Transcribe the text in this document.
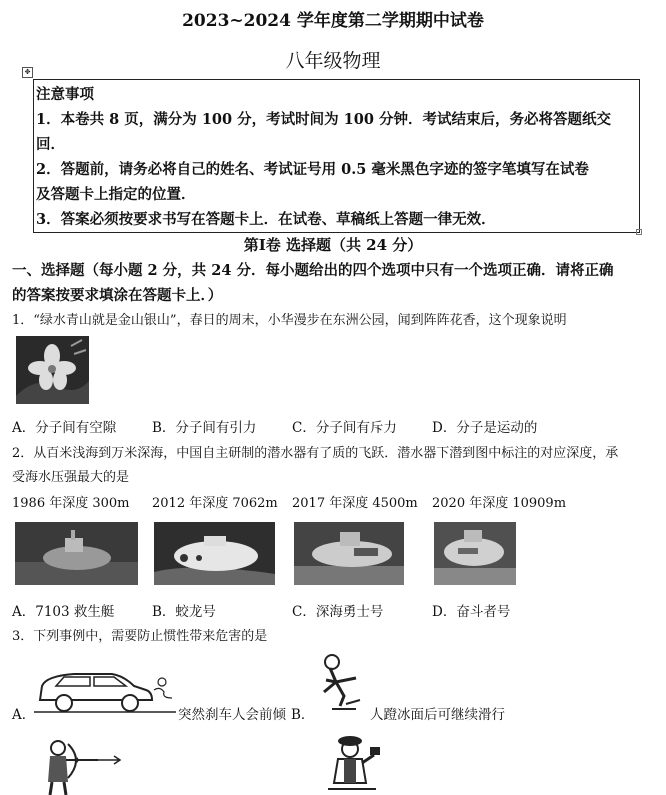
2023~2024 学年度第二学期期中试卷
八年级物理
✥
注意事项
1．本卷共 8 页，满分为 100 分，考试时间为 100 分钟．考试结束后，务必将答题纸交
回．
2．答题前，请务必将自己的姓名、考试证号用 0.5 毫米黑色字迹的签字笔填写在试卷
及答题卡上指定的位置．
3．答案必须按要求书写在答题卡上．在试卷、草稿纸上答题一律无效．
第Ⅰ卷 选择题（共 24 分）
一、选择题（每小题 2 分，共 24 分．每小题给出的四个选项中只有一个选项正确．请将正确
的答案按要求填涂在答题卡上．）
1．“绿水青山就是金山银山”，春日的周末，小华漫步在东洲公园，闻到阵阵花香，这个现象说明
A．分子间有空隙	B．分子间有引力	C．分子间有斥力	D．分子是运动的
2．从百米浅海到万米深海，中国自主研制的潜水器有了质的飞跃．潜水器下潜到图中标注的对应深度，承
受海水压强最大的是
1986 年深度 300m 2012 年深度 7062m 2017 年深度 4500m 2020 年深度 10909m
A．7103 救生艇	B．蛟龙号	C．深海勇士号	D．奋斗者号
3．下列事例中，需要防止惯性带来危害的是
A．	突然刹车人会前倾 B．	人蹬冰面后可继续滑行
